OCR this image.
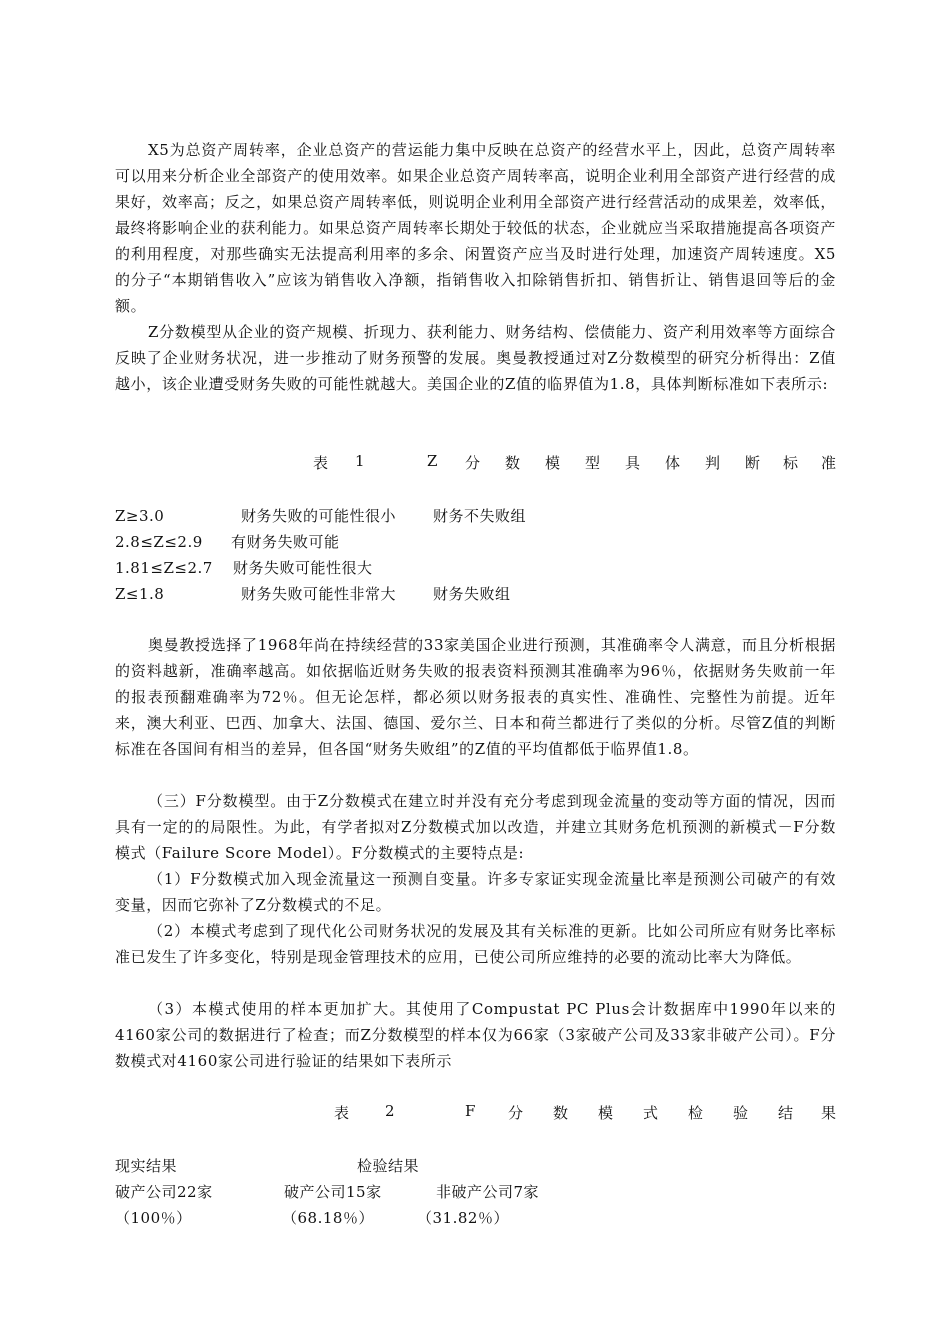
X5为总资产周转率，企业总资产的营运能力集中反映在总资产的经营水平上，因此，总资产周转率可以用来分析企业全部资产的使用效率。如果企业总资产周转率高，说明企业利用全部资产进行经营的成果好，效率高；反之，如果总资产周转率低，则说明企业利用全部资产进行经营活动的成果差，效率低，最终将影响企业的获利能力。如果总资产周转率长期处于较低的状态，企业就应当采取措施提高各项资产的利用程度，对那些确实无法提高利用率的多余、闲置资产应当及时进行处理，加速资产周转速度。X5的分子“本期销售收入”应该为销售收入净额，指销售收入扣除销售折扣、销售折让、销售退回等后的金额。

Z分数模型从企业的资产规模、折现力、获利能力、财务结构、偿债能力、资产利用效率等方面综合反映了企业财务状况，进一步推动了财务预警的发展。奥曼教授通过对Z分数模型的研究分析得出：Z值越小，该企业遭受财务失败的可能性就越大。美国企业的Z值的临界值为1.8，具体判断标准如下表所示:

表 1	Z 分 数 模 型 具 体 判 断 标 准
Z≥3.0	财务失败的可能性很小 财务不失败组
2.8≤Z≤2.9 有财务失败可能
1.81≤Z≤2.7 财务失败可能性很大
Z≤1.8	财务失败可能性非常大 财务失败组

奥曼教授选择了1968年尚在持续经营的33家美国企业进行预测，其准确率令人满意，而且分析根据的资料越新，准确率越高。如依据临近财务失败的报表资料预测其准确率为96％，依据财务失败前一年的报表预翻难确率为72％。但无论怎样，都必须以财务报表的真实性、准确性、完整性为前提。近年来，澳大利亚、巴西、加拿大、法国、德国、爱尔兰、日本和荷兰都进行了类似的分析。尽管Z值的判断标准在各国间有相当的差异，但各国“财务失败组”的Z值的平均值都低于临界值1.8。

（三）F分数模型。由于Z分数模式在建立时并没有充分考虑到现金流量的变动等方面的情况，因而具有一定的的局限性。为此，有学者拟对Z分数模式加以改造，并建立其财务危机预测的新模式－F分数模式（Failure Score Model）。F分数模式的主要特点是:

（1）F分数模式加入现金流量这一预测自变量。许多专家证实现金流量比率是预测公司破产的有效变量，因而它弥补了Z分数模式的不足。

（2）本模式考虑到了现代化公司财务状况的发展及其有关标准的更新。比如公司所应有财务比率标准已发生了许多变化，特别是现金管理技术的应用，已使公司所应维持的必要的流动比率大为降低。

（3）本模式使用的样本更加扩大。其使用了Compustat PC Plus会计数据库中1990年以来的4160家公司的数据进行了检查；而Z分数模型的样本仅为66家（3家破产公司及33家非破产公司）。F分数模式对4160家公司进行验证的结果如下表所示

表 2	F 分 数 模 式 检 验 结 果
现实结果	检验结果
破产公司22家	破产公司15家	非破产公司7家
（100％）	（68.18％）	（31.82％）
